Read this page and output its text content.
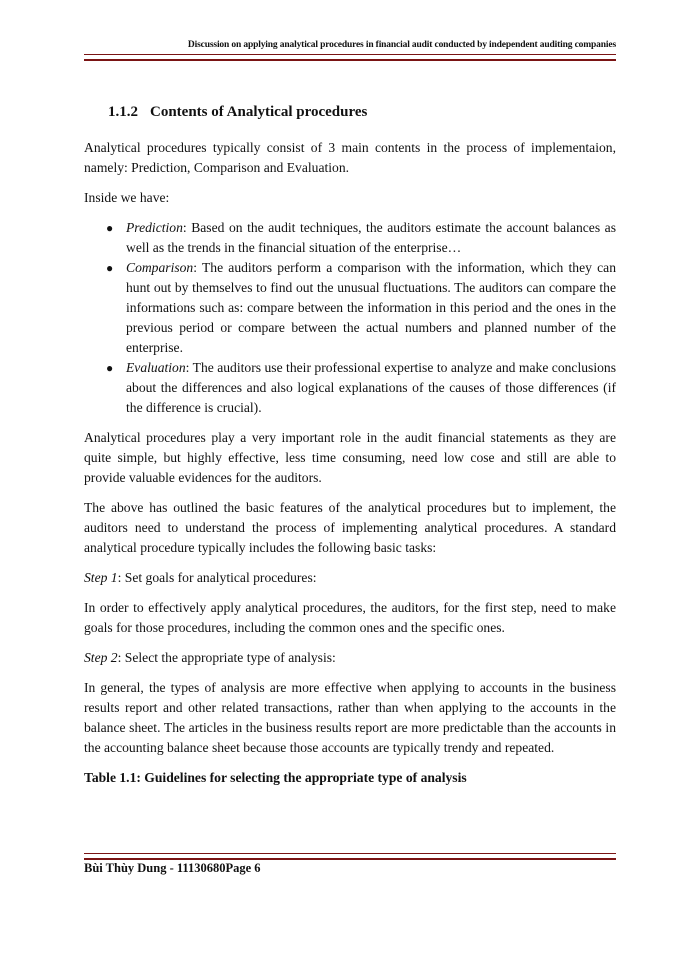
Discussion on applying analytical procedures in financial audit conducted by independent auditing companies
1.1.2 Contents of Analytical procedures

Analytical procedures typically consist of 3 main contents in the process of implementaion, namely: Prediction, Comparison and Evaluation.

Inside we have:

● Prediction: Based on the audit techniques, the auditors estimate the account balances as well as the trends in the financial situation of the enterprise…
● Comparison: The auditors perform a comparison with the information, which they can hunt out by themselves to find out the unusual fluctuations. The auditors can compare the informations such as: compare between the information in this period and the ones in the previous period or compare between the actual numbers and planned number of the enterprise.
● Evaluation: The auditors use their professional expertise to analyze and make conclusions about the differences and also logical explanations of the causes of those differences (if the difference is crucial).

Analytical procedures play a very important role in the audit financial statements as they are quite simple, but highly effective, less time consuming, need low cose and still are able to provide valuable evidences for the auditors.

The above has outlined the basic features of the analytical procedures but to implement, the auditors need to understand the process of implementing analytical procedures. A standard analytical procedure typically includes the following basic tasks:

Step 1: Set goals for analytical procedures:

In order to effectively apply analytical procedures, the auditors, for the first step, need to make goals for those procedures, including the common ones and the specific ones.

Step 2: Select the appropriate type of analysis:

In general, the types of analysis are more effective when applying to accounts in the business results report and other related transactions, rather than when applying to the accounts in the balance sheet. The articles in the business results report are more predictable than the accounts in the accounting balance sheet because those accounts are typically trendy and repeated.

Table 1.1: Guidelines for selecting the appropriate type of analysis

Bùi Thùy Dung - 11130680Page 6
